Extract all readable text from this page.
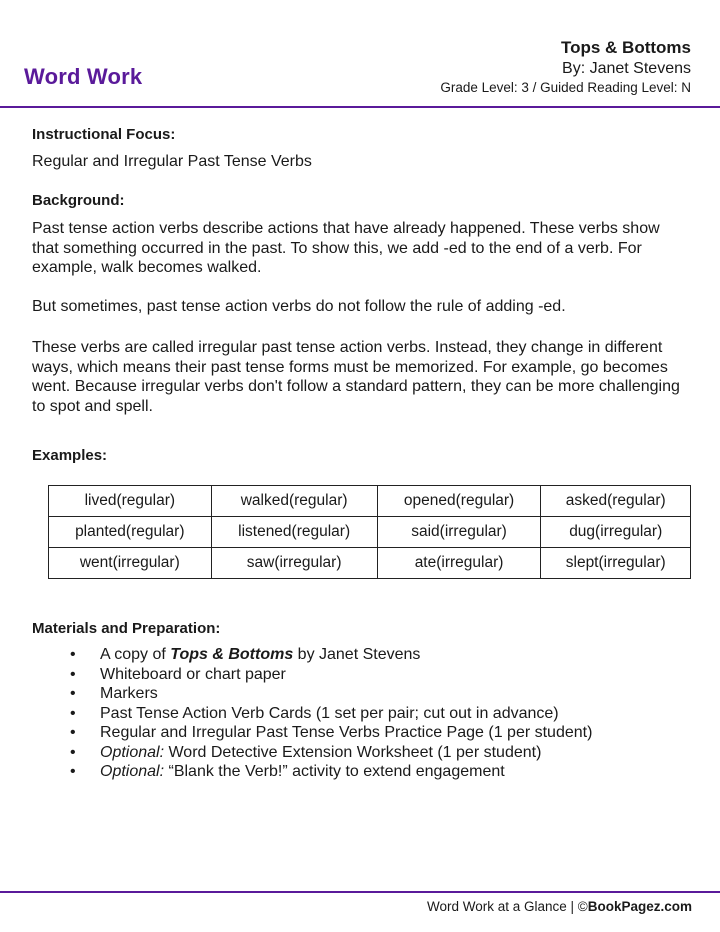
Word Work
Tops & Bottoms
By: Janet Stevens
Grade Level: 3 / Guided Reading Level: N

Instructional Focus:

Regular and Irregular Past Tense Verbs

Background:

Past tense action verbs describe actions that have already happened. These verbs show that something occurred in the past. To show this, we add -ed to the end of a verb. For example, walk becomes walked.

But sometimes, past tense action verbs do not follow the rule of adding -ed.

These verbs are called irregular past tense action verbs. Instead, they change in different ways, which means their past tense forms must be memorized. For example, go becomes went. Because irregular verbs don't follow a standard pattern, they can be more challenging to spot and spell.

Examples:

lived(regular)	walked(regular)	opened(regular)	asked(regular)
planted(regular)	listened(regular)	said(irregular)	dug(irregular)
went(irregular)	saw(irregular)	ate(irregular)	slept(irregular)

Materials and Preparation:

• A copy of Tops & Bottoms by Janet Stevens
• Whiteboard or chart paper
• Markers
• Past Tense Action Verb Cards (1 set per pair; cut out in advance)
• Regular and Irregular Past Tense Verbs Practice Page (1 per student)
• Optional: Word Detective Extension Worksheet (1 per student)
• Optional: “Blank the Verb!” activity to extend engagement
Word Work at a Glance | ©BookPagez.com
